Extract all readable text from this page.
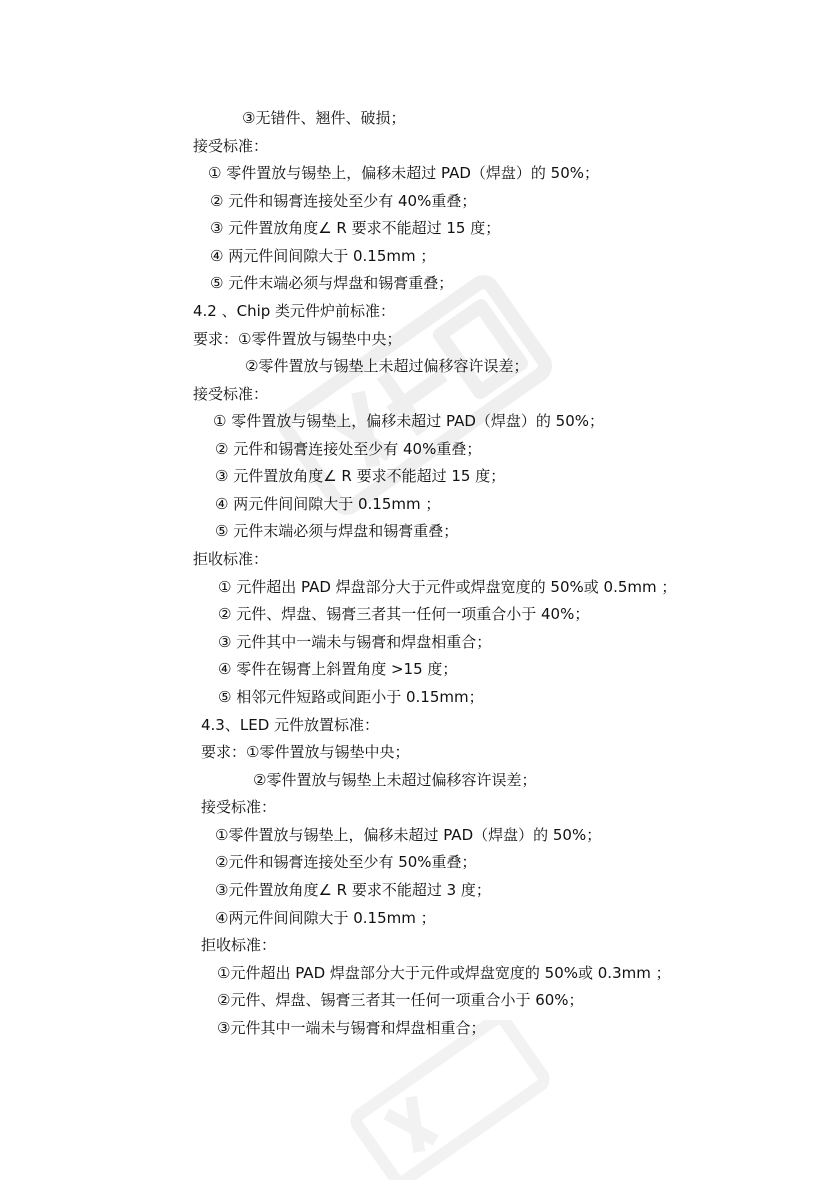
③无错件、翘件、破损；
接受标准：
① 零件置放与锡垫上，偏移未超过 PAD（焊盘）的 50%；
② 元件和锡膏连接处至少有 40%重叠；
③ 元件置放角度∠ R 要求不能超过 15 度；
④ 两元件间间隙大于 0.15mm ；
⑤ 元件末端必须与焊盘和锡膏重叠；
4.2 、Chip 类元件炉前标准：
要求：①零件置放与锡垫中央；
②零件置放与锡垫上未超过偏移容许误差；
接受标准：
① 零件置放与锡垫上，偏移未超过 PAD（焊盘）的 50%；
② 元件和锡膏连接处至少有 40%重叠；
③ 元件置放角度∠ R 要求不能超过 15 度；
④ 两元件间间隙大于 0.15mm ；
⑤ 元件末端必须与焊盘和锡膏重叠；
拒收标准：
① 元件超出 PAD 焊盘部分大于元件或焊盘宽度的 50%或 0.5mm ；
② 元件、焊盘、锡膏三者其一任何一项重合小于 40%；
③ 元件其中一端未与锡膏和焊盘相重合；
④ 零件在锡膏上斜置角度 >15 度；
⑤ 相邻元件短路或间距小于 0.15mm；
4.3、LED 元件放置标准：
要求：①零件置放与锡垫中央；
②零件置放与锡垫上未超过偏移容许误差；
接受标准：
①零件置放与锡垫上，偏移未超过 PAD（焊盘）的 50%；
②元件和锡膏连接处至少有 50%重叠；
③元件置放角度∠ R 要求不能超过 3 度；
④两元件间间隙大于 0.15mm ；
拒收标准：
①元件超出 PAD 焊盘部分大于元件或焊盘宽度的 50%或 0.3mm ；
②元件、焊盘、锡膏三者其一任何一项重合小于 60%；
③元件其中一端未与锡膏和焊盘相重合；
